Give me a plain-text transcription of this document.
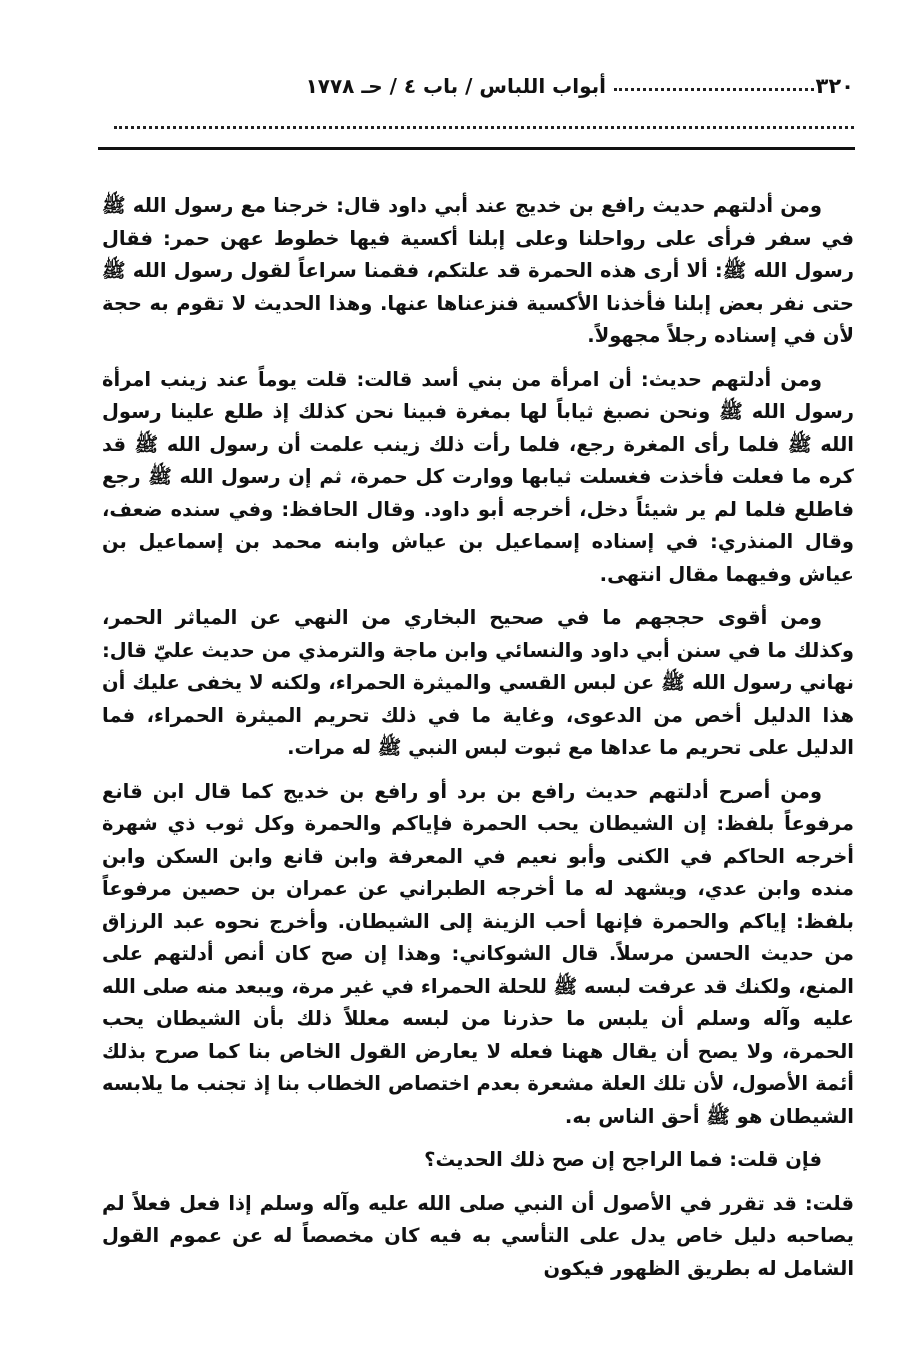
٣٢٠
أبواب اللباس / باب ٤ / حـ ١٧٧٨

ومن أدلتهم حديث رافع بن خديج عند أبي داود قال: خرجنا مع رسول الله ﷺ في سفر فرأى على رواحلنا وعلى إبلنا أكسية فيها خطوط عهن حمر: فقال رسول الله ﷺ: ألا أرى هذه الحمرة قد علتكم، فقمنا سراعاً لقول رسول الله ﷺ حتى نفر بعض إبلنا فأخذنا الأكسية فنزعناها عنها. وهذا الحديث لا تقوم به حجة لأن في إسناده رجلاً مجهولاً.

ومن أدلتهم حديث: أن امرأة من بني أسد قالت: قلت يوماً عند زينب امرأة رسول الله ﷺ ونحن نصبغ ثياباً لها بمغرة فبينا نحن كذلك إذ طلع علينا رسول الله ﷺ فلما رأى المغرة رجع، فلما رأت ذلك زينب علمت أن رسول الله ﷺ قد كره ما فعلت فأخذت فغسلت ثيابها ووارت كل حمرة، ثم إن رسول الله ﷺ رجع فاطلع فلما لم ير شيئاً دخل، أخرجه أبو داود. وقال الحافظ: وفي سنده ضعف، وقال المنذري: في إسناده إسماعيل بن عياش وابنه محمد بن إسماعيل بن عياش وفيهما مقال انتهى.

ومن أقوى حججهم ما في صحيح البخاري من النهي عن المياثر الحمر، وكذلك ما في سنن أبي داود والنسائي وابن ماجة والترمذي من حديث عليّ قال: نهاني رسول الله ﷺ عن لبس القسي والميثرة الحمراء، ولكنه لا يخفى عليك أن هذا الدليل أخص من الدعوى، وغاية ما في ذلك تحريم الميثرة الحمراء، فما الدليل على تحريم ما عداها مع ثبوت لبس النبي ﷺ له مرات.

ومن أصرح أدلتهم حديث رافع بن برد أو رافع بن خديج كما قال ابن قانع مرفوعاً بلفظ: إن الشيطان يحب الحمرة فإياكم والحمرة وكل ثوب ذي شهرة أخرجه الحاكم في الكنى وأبو نعيم في المعرفة وابن قانع وابن السكن وابن منده وابن عدي، ويشهد له ما أخرجه الطبراني عن عمران بن حصين مرفوعاً بلفظ: إياكم والحمرة فإنها أحب الزينة إلى الشيطان. وأخرج نحوه عبد الرزاق من حديث الحسن مرسلاً. قال الشوكاني: وهذا إن صح كان أنص أدلتهم على المنع، ولكنك قد عرفت لبسه ﷺ للحلة الحمراء في غير مرة، ويبعد منه صلى الله عليه وآله وسلم أن يلبس ما حذرنا من لبسه معللاً ذلك بأن الشيطان يحب الحمرة، ولا يصح أن يقال ههنا فعله لا يعارض القول الخاص بنا كما صرح بذلك أئمة الأصول، لأن تلك العلة مشعرة بعدم اختصاص الخطاب بنا إذ تجنب ما يلابسه الشيطان هو ﷺ أحق الناس به.

فإن قلت: فما الراجح إن صح ذلك الحديث؟

قلت: قد تقرر في الأصول أن النبي صلى الله عليه وآله وسلم إذا فعل فعلاً لم يصاحبه دليل خاص يدل على التأسي به فيه كان مخصصاً له عن عموم القول الشامل له بطريق الظهور فيكون
